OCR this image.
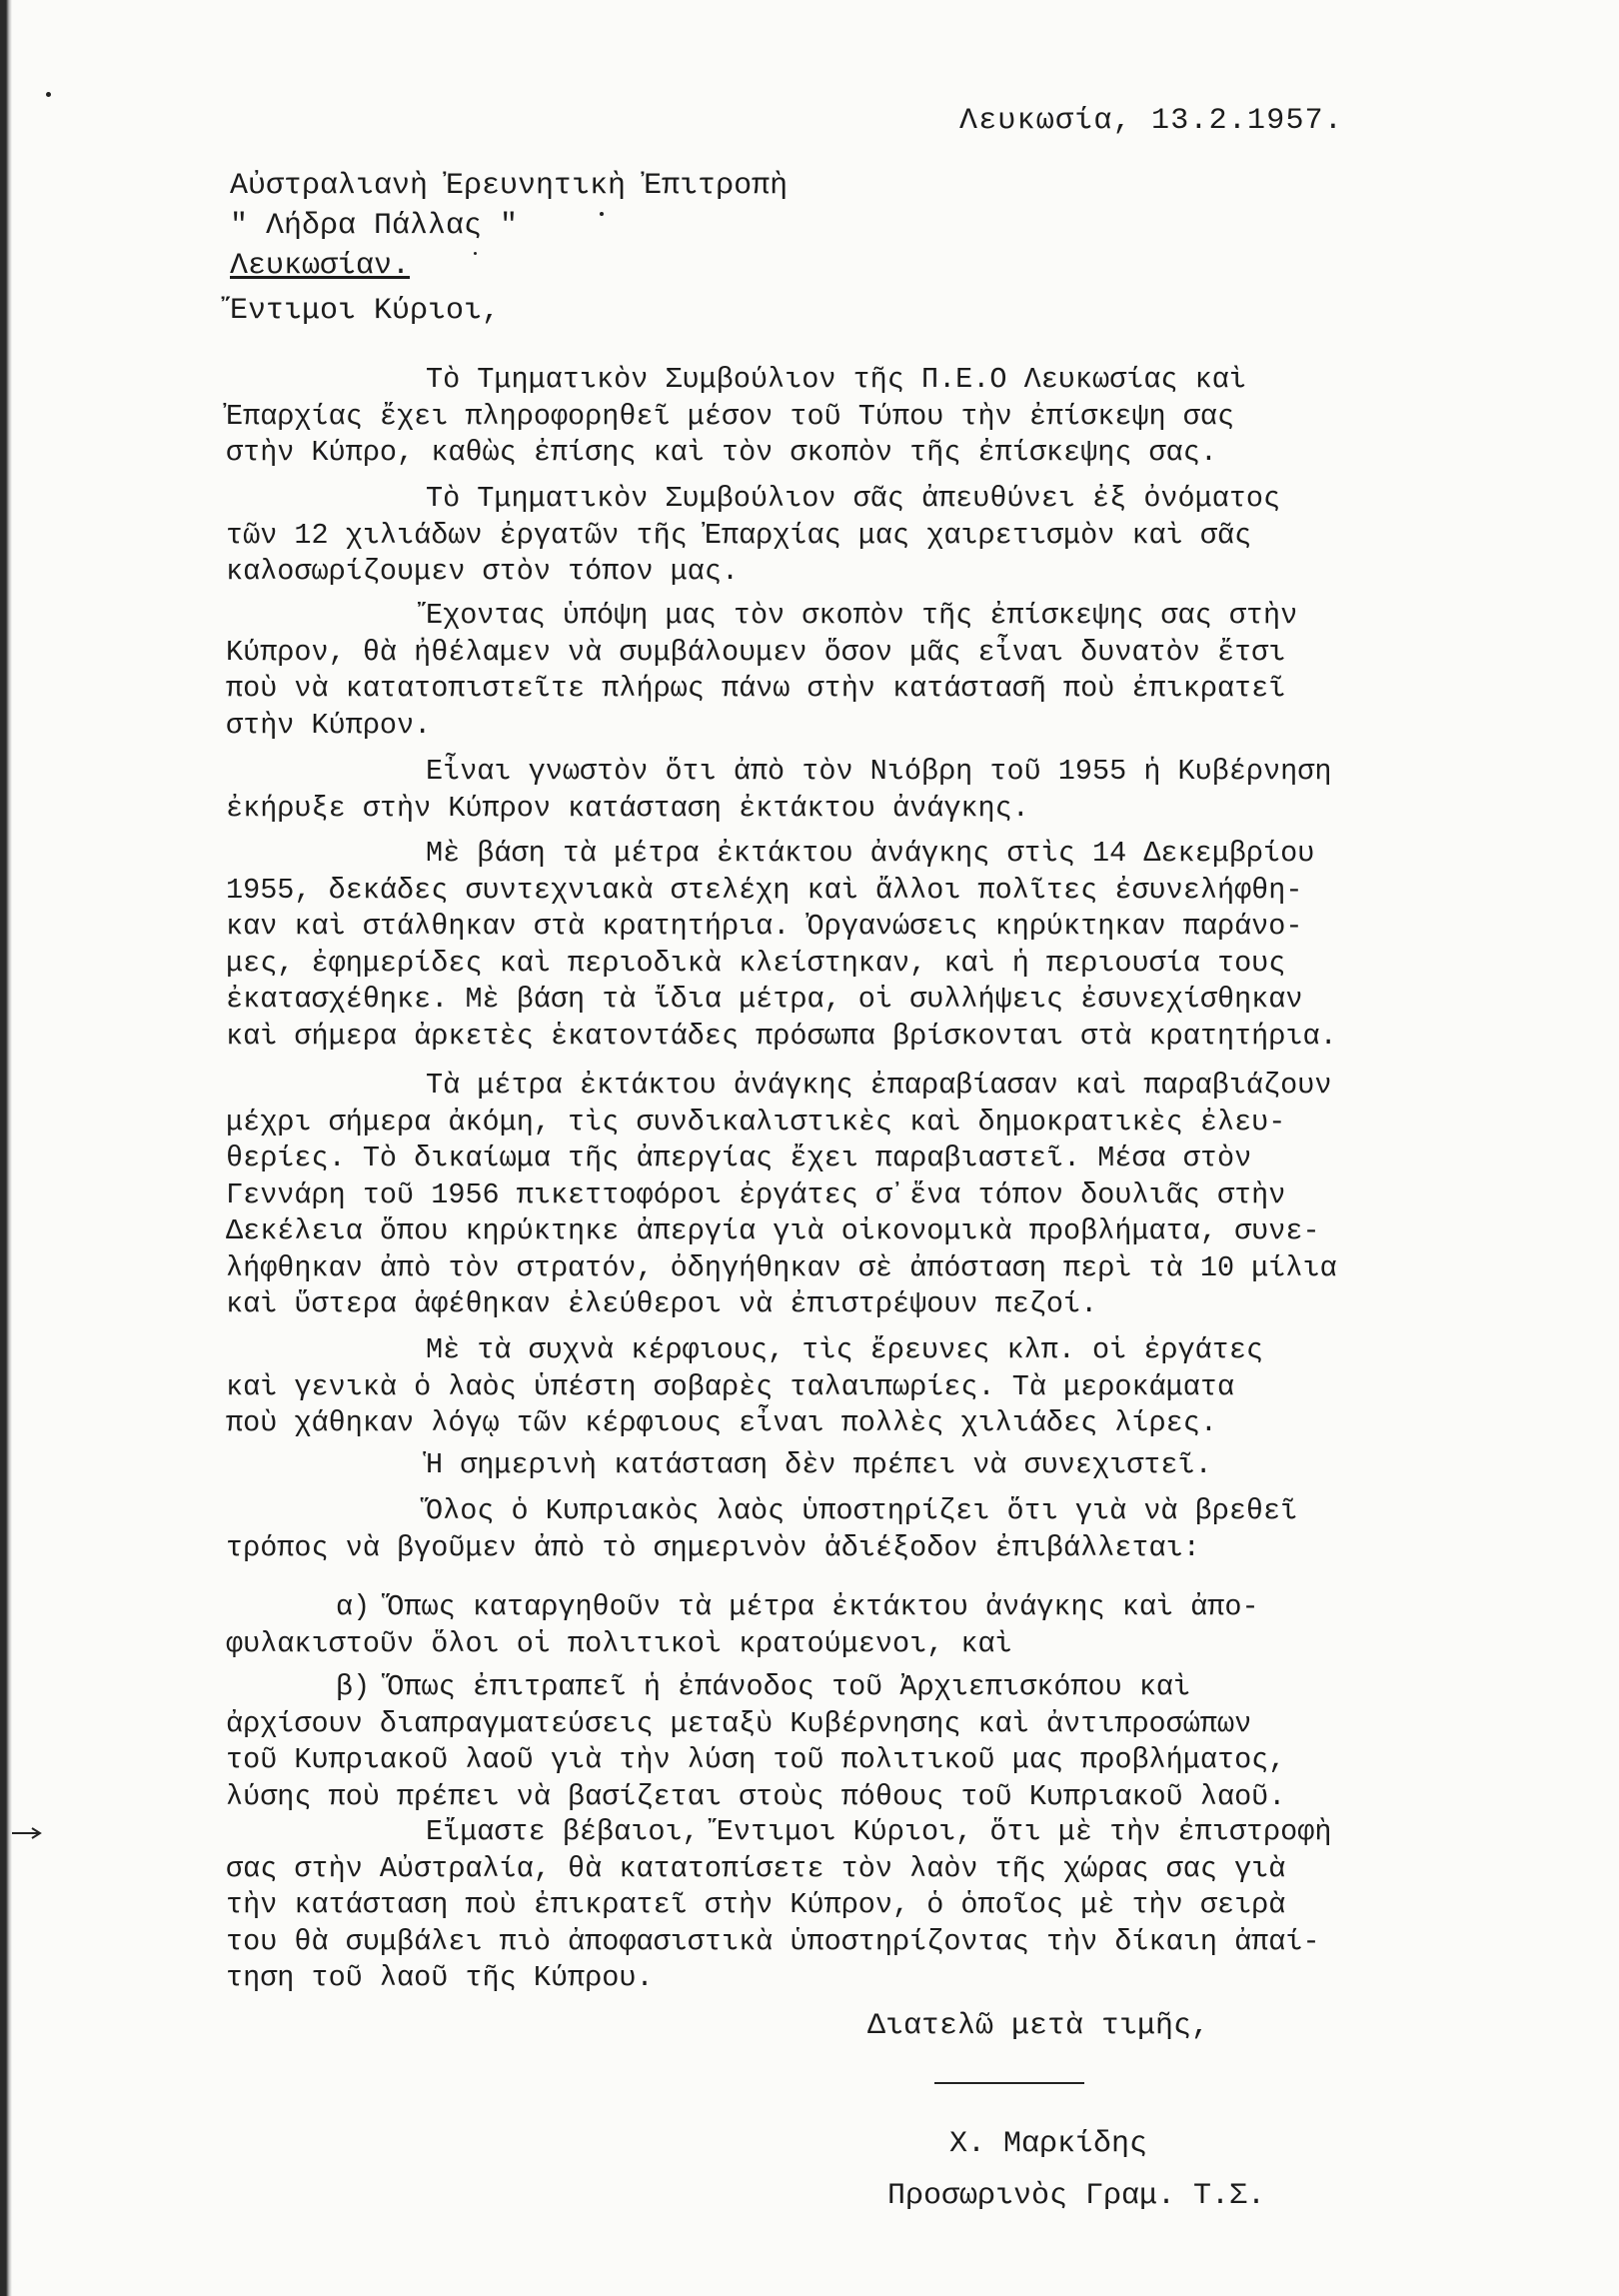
Λευκωσία, 13.2.1957.
Αὐστραλιανὴ Ἐρευνητικὴ Ἐπιτροπὴ
" Λήδρα Πάλλας "
Λευκωσίαν.
Ἔντιμοι Κύριοι,

Τὸ Τμηματικὸν Συμβούλιον τῆς Π.Ε.Ο Λευκωσίας καὶ

Ἐπαρχίας ἔχει πληροφορηθεῖ μέσον τοῦ Τύπου τὴν ἐπίσκεψη σας

στὴν Κύπρο, καθὼς ἐπίσης καὶ τὸν σκοπὸν τῆς ἐπίσκεψης σας.

Τὸ Τμηματικὸν Συμβούλιον σᾶς ἀπευθύνει ἐξ ὀνόματος

τῶν 12 χιλιάδων ἐργατῶν τῆς Ἐπαρχίας μας χαιρετισμὸν καὶ σᾶς

καλοσωρίζουμεν στὸν τόπον μας.

Ἔχοντας ὑπόψη μας τὸν σκοπὸν τῆς ἐπίσκεψης σας στὴν

Κύπρον, θὰ ἠθέλαμεν νὰ συμβάλουμεν ὅσον μᾶς εἶναι δυνατὸν ἔτσι

ποὺ νὰ κατατοπιστεῖτε πλήρως πάνω στὴν κατάστασῆ ποὺ ἐπικρατεῖ

στὴν Κύπρον.

Εἶναι γνωστὸν ὅτι ἀπὸ τὸν Νιόβρη τοῦ 1955 ἡ Κυβέρνηση

ἐκήρυξε στὴν Κύπρον κατάσταση ἐκτάκτου ἀνάγκης.

Μὲ βάση τὰ μέτρα ἐκτάκτου ἀνάγκης στὶς 14 Δεκεμβρίου

1955, δεκάδες συντεχνιακὰ στελέχη καὶ ἄλλοι πολῖτες ἐσυνελήφθη-

καν καὶ στάλθηκαν στὰ κρατητήρια. Ὀργανώσεις κηρύκτηκαν παράνο-

μες, ἐφημερίδες καὶ περιοδικὰ κλείστηκαν, καὶ ἡ περιουσία τους

ἐκατασχέθηκε. Μὲ βάση τὰ ἴδια μέτρα, οἱ συλλήψεις ἐσυνεχίσθηκαν

καὶ σήμερα ἀρκετὲς ἑκατοντάδες πρόσωπα βρίσκονται στὰ κρατητήρια.

Τὰ μέτρα ἐκτάκτου ἀνάγκης ἐπαραβίασαν καὶ παραβιάζουν

μέχρι σήμερα ἀκόμη, τὶς συνδικαλιστικὲς καὶ δημοκρατικὲς ἐλευ-

θερίες. Τὸ δικαίωμα τῆς ἀπεργίας ἔχει παραβιαστεῖ. Μέσα στὸν

Γεννάρη τοῦ 1956 πικεττοφόροι ἐργάτες σ᾽ἕνα τόπον δουλιᾶς στὴν

Δεκέλεια ὅπου κηρύκτηκε ἀπεργία γιὰ οἰκονομικὰ προβλήματα, συνε-

λήφθηκαν ἀπὸ τὸν στρατόν, ὀδηγήθηκαν σὲ ἀπόσταση περὶ τὰ 10 μίλια

καὶ ὕστερα ἀφέθηκαν ἐλεύθεροι νὰ ἐπιστρέψουν πεζοί.

Μὲ τὰ συχνὰ κέρφιους, τὶς ἔρευνες κλπ. οἱ ἐργάτες

καὶ γενικὰ ὁ λαὸς ὑπέστη σοβαρὲς ταλαιπωρίες. Τὰ μεροκάματα

ποὺ χάθηκαν λόγῳ τῶν κέρφιους εἶναι πολλὲς χιλιάδες λίρες.

Ἡ σημερινὴ κατάσταση δὲν πρέπει νὰ συνεχιστεῖ.

Ὅλος ὁ Κυπριακὸς λαὸς ὑποστηρίζει ὅτι γιὰ νὰ βρεθεῖ

τρόπος νὰ βγοῦμεν ἀπὸ τὸ σημερινὸν ἀδιέξοδον ἐπιβάλλεται:

α) Ὅπως καταργηθοῦν τὰ μέτρα ἐκτάκτου ἀνάγκης καὶ ἀπο-

φυλακιστοῦν ὅλοι οἱ πολιτικοὶ κρατούμενοι, καὶ

β) Ὅπως ἐπιτραπεῖ ἡ ἐπάνοδος τοῦ Ἀρχιεπισκόπου καὶ

ἀρχίσουν διαπραγματεύσεις μεταξὺ Κυβέρνησης καὶ ἀντιπροσώπων

τοῦ Κυπριακοῦ λαοῦ γιὰ τὴν λύση τοῦ πολιτικοῦ μας προβλήματος,

λύσης ποὺ πρέπει νὰ βασίζεται στοὺς πόθους τοῦ Κυπριακοῦ λαοῦ.

Εἴμαστε βέβαιοι, Ἔντιμοι Κύριοι, ὅτι μὲ τὴν ἐπιστροφὴ

σας στὴν Αὐστραλία, θὰ κατατοπίσετε τὸν λαὸν τῆς χώρας σας γιὰ

τὴν κατάσταση ποὺ ἐπικρατεῖ στὴν Κύπρον, ὁ ὁποῖος μὲ τὴν σειρὰ

του θὰ συμβάλει πιὸ ἀποφασιστικὰ ὑποστηρίζοντας τὴν δίκαιη ἀπαί-

τηση τοῦ λαοῦ τῆς Κύπρου.

Διατελῶ μετὰ τιμῆς,
Χ. Μαρκίδης
Προσωρινὸς Γραμ. Τ.Σ.
